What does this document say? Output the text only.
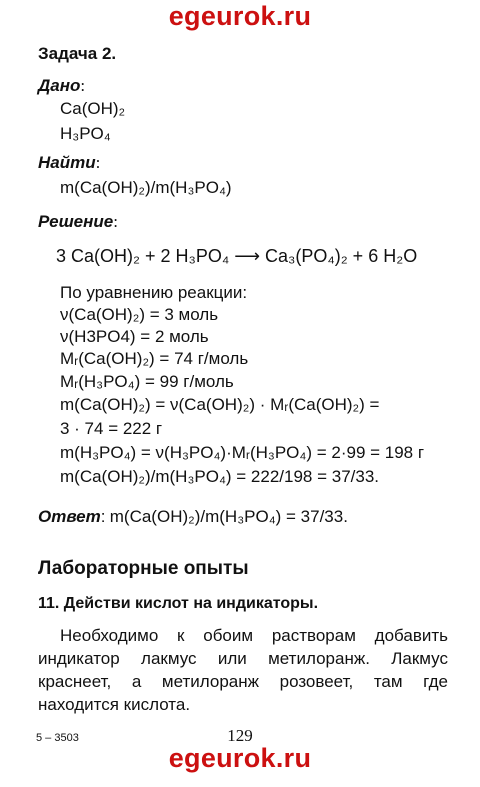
egeurok.ru
Задача 2.
Дано:
Ca(OH)₂
H₃PO₄
Найти:
m(Ca(OH)₂)/m(H₃PO₄)
Решение:
3 Ca(OH)₂ + 2 H₃PO₄ ⟶ Ca₃(PO₄)₂ + 6 H₂O
По уравнению реакции:
ν(Ca(OH)₂) = 3 моль
ν(H3PO4) = 2 моль
Mᵣ(Ca(OH)₂) = 74 г/моль
Mᵣ(H₃PO₄) = 99 г/моль
m(Ca(OH)₂) = ν(Ca(OH)₂) · Mᵣ(Ca(OH)₂) =
3 · 74 = 222 г
m(H₃PO₄) = ν(H₃PO₄)·Mᵣ(H₃PO₄) = 2·99 = 198 г
m(Ca(OH)₂)/m(H₃PO₄) = 222/198 = 37/33.
Ответ: m(Ca(OH)₂)/m(H₃PO₄) = 37/33.
Лабораторные опыты
11. Действи кислот на индикаторы.
Необходимо к обоим растворам добавить индикатор лакмус или метилоранж. Лакмус краснеет, а метилоранж розовеет, там где находится кислота.
5 – 3503	129
egeurok.ru
